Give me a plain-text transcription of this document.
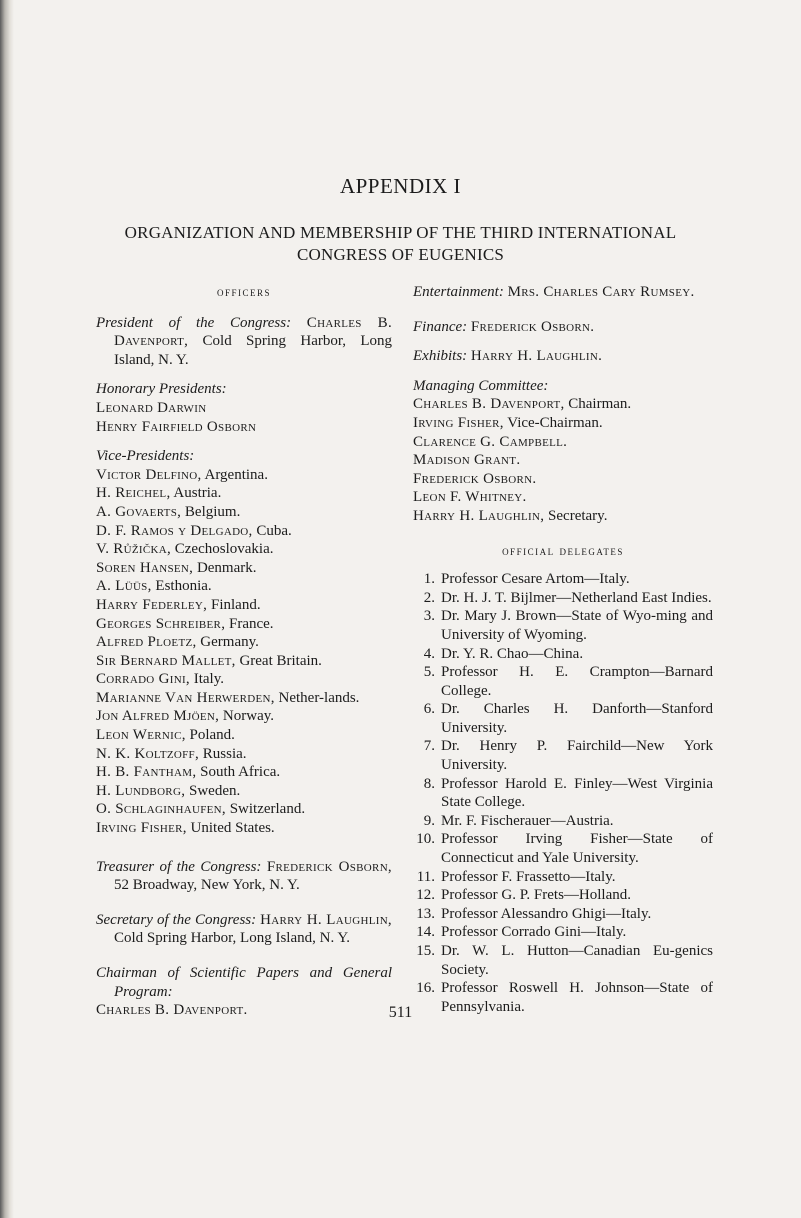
APPENDIX I
ORGANIZATION AND MEMBERSHIP OF THE THIRD INTERNATIONAL
CONGRESS OF EUGENICS
officers
President of the Congress: Charles B. Davenport, Cold Spring Harbor, Long Island, N. Y.
Honorary Presidents:
Leonard Darwin
Henry Fairfield Osborn
Vice-Presidents:
Victor Delfino, Argentina.
H. Reichel, Austria.
A. Govaerts, Belgium.
D. F. Ramos y Delgado, Cuba.
V. Růžička, Czechoslovakia.
Soren Hansen, Denmark.
A. Lüüs, Esthonia.
Harry Federley, Finland.
Georges Schreiber, France.
Alfred Ploetz, Germany.
Sir Bernard Mallet, Great Britain.
Corrado Gini, Italy.
Marianne Van Herwerden, Nether-lands.
Jon Alfred Mjöen, Norway.
Leon Wernic, Poland.
N. K. Koltzoff, Russia.
H. B. Fantham, South Africa.
H. Lundborg, Sweden.
O. Schlaginhaufen, Switzerland.
Irving Fisher, United States.
Treasurer of the Congress: Frederick Osborn, 52 Broadway, New York, N. Y.
Secretary of the Congress: Harry H. Laughlin, Cold Spring Harbor, Long Island, N. Y.
Chairman of Scientific Papers and General Program:
Charles B. Davenport.
Entertainment: Mrs. Charles Cary Rumsey.
Finance: Frederick Osborn.
Exhibits: Harry H. Laughlin.
Managing Committee:
Charles B. Davenport, Chairman.
Irving Fisher, Vice-Chairman.
Clarence G. Campbell.
Madison Grant.
Frederick Osborn.
Leon F. Whitney.
Harry H. Laughlin, Secretary.
official delegates
1. Professor Cesare Artom—Italy.
2. Dr. H. J. T. Bijlmer—Netherland East Indies.
3. Dr. Mary J. Brown—State of Wyo-ming and University of Wyoming.
4. Dr. Y. R. Chao—China.
5. Professor H. E. Crampton—Barnard College.
6. Dr. Charles H. Danforth—Stanford University.
7. Dr. Henry P. Fairchild—New York University.
8. Professor Harold E. Finley—West Virginia State College.
9. Mr. F. Fischerauer—Austria.
10. Professor Irving Fisher—State of Connecticut and Yale University.
11. Professor F. Frassetto—Italy.
12. Professor G. P. Frets—Holland.
13. Professor Alessandro Ghigi—Italy.
14. Professor Corrado Gini—Italy.
15. Dr. W. L. Hutton—Canadian Eu-genics Society.
16. Professor Roswell H. Johnson—State of Pennsylvania.
511
